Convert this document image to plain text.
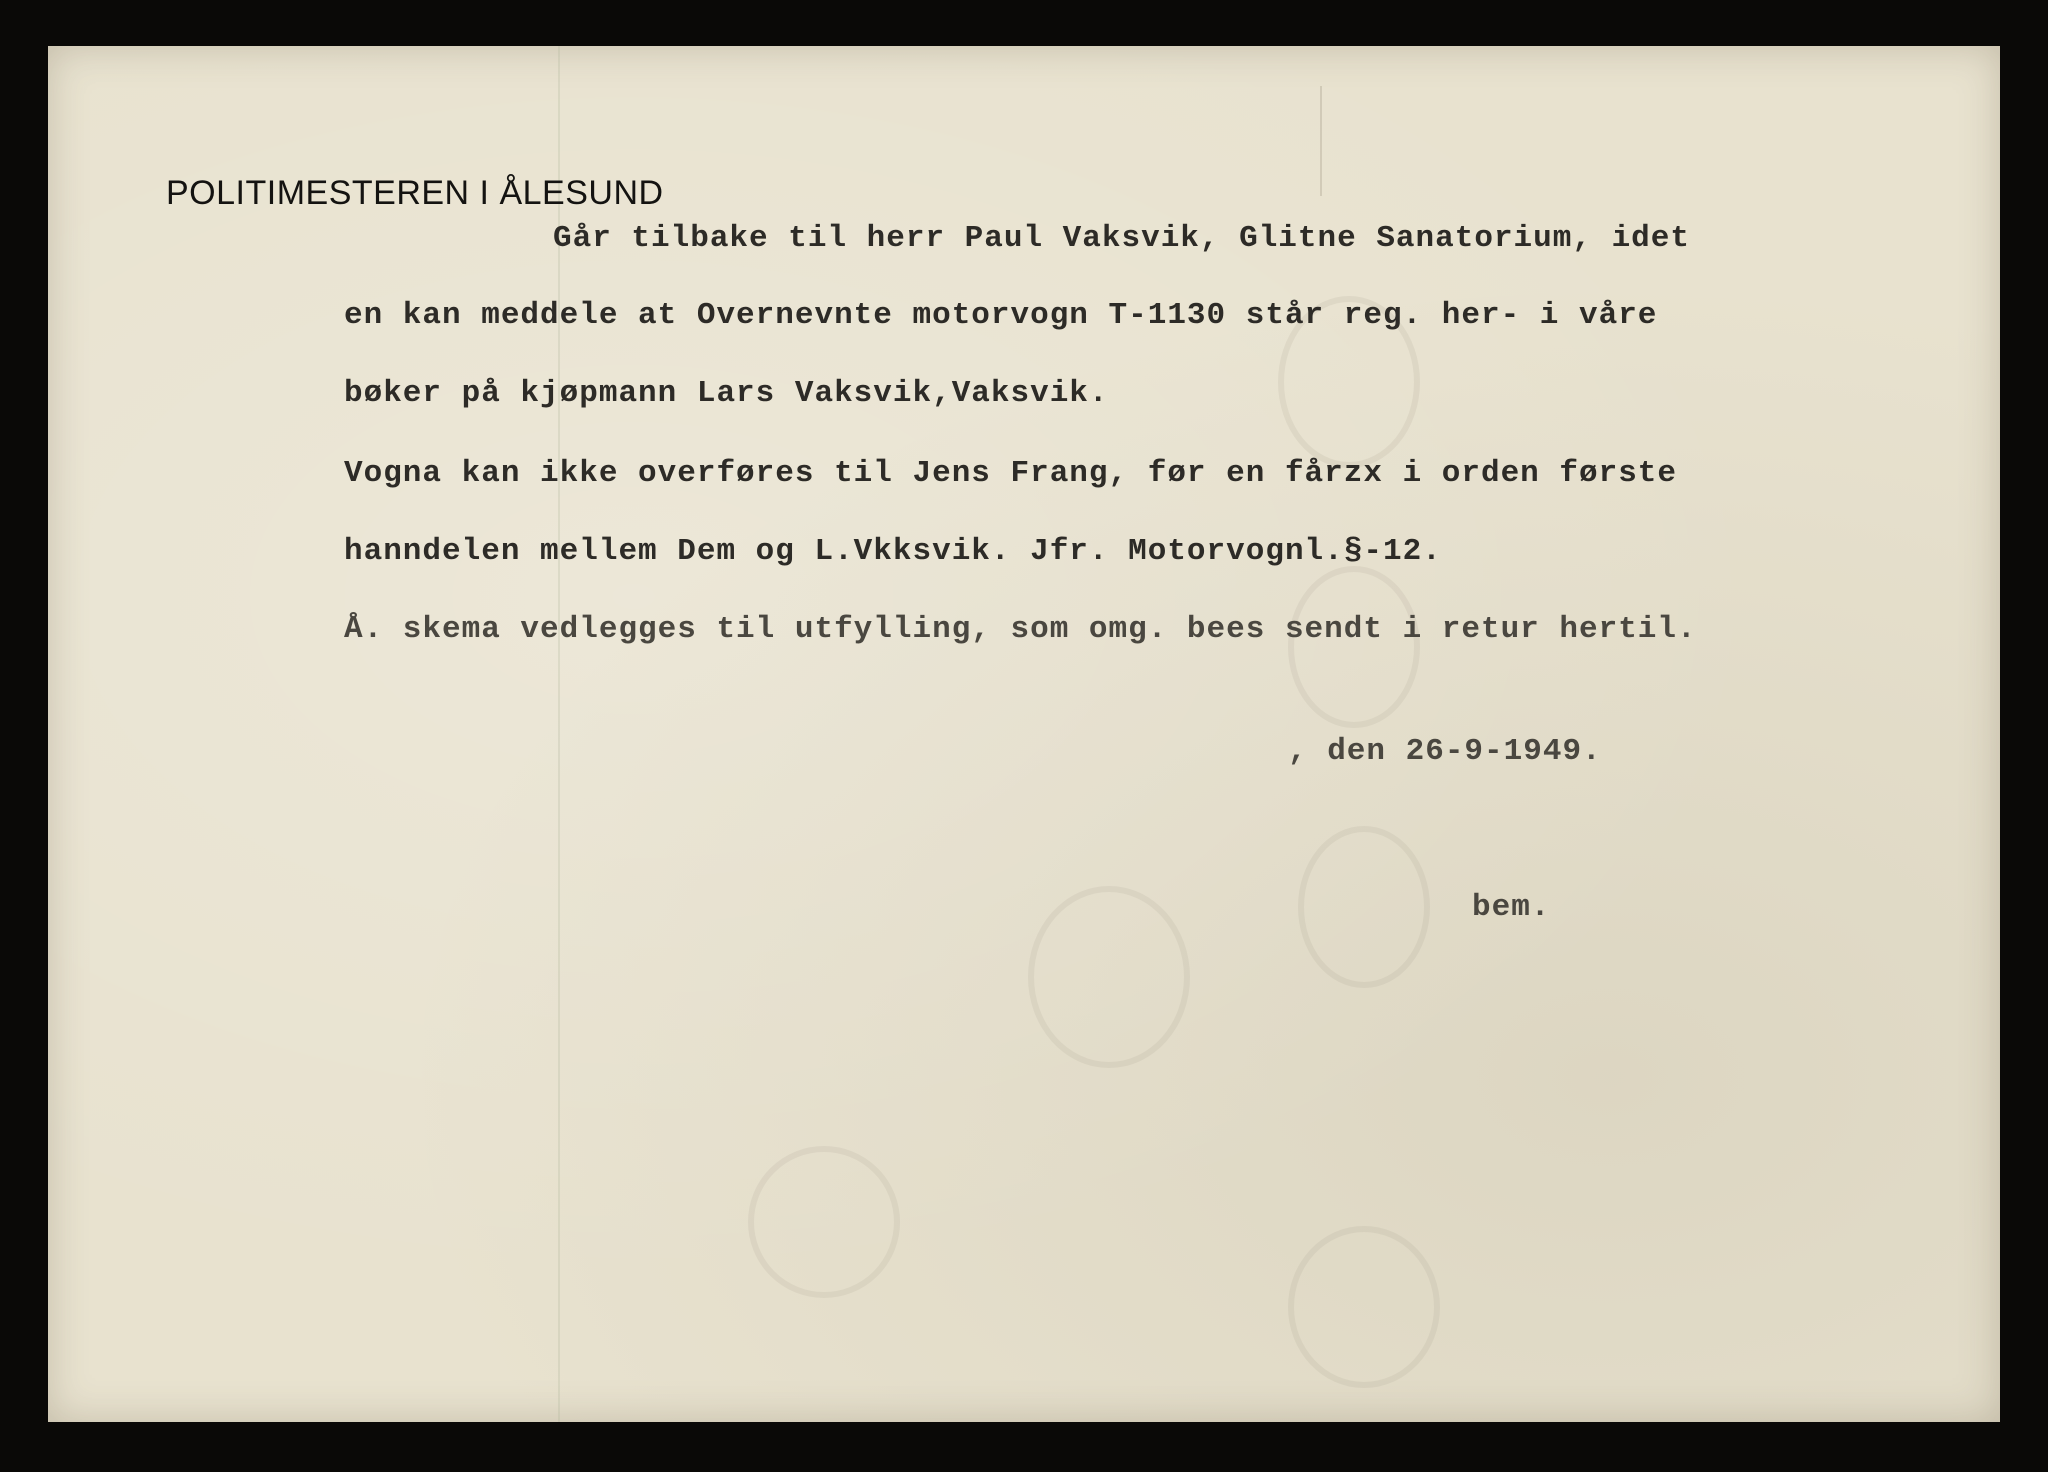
POLITIMESTEREN I ÅLESUND
Går tilbake til herr Paul Vaksvik, Glitne Sanatorium, idet
en kan meddele at Overnevnte motorvogn T-1130 står reg. her- i våre
bøker på kjøpmann Lars Vaksvik,Vaksvik.
Vogna kan ikke overføres til Jens Frang, før en fårzx i orden første
hanndelen mellem Dem og L.Vkksvik. Jfr. Motorvognl.§-12.
Å. skema vedlegges til utfylling, som omg. bees sendt i retur hertil.
, den 26-9-1949.
bem.
